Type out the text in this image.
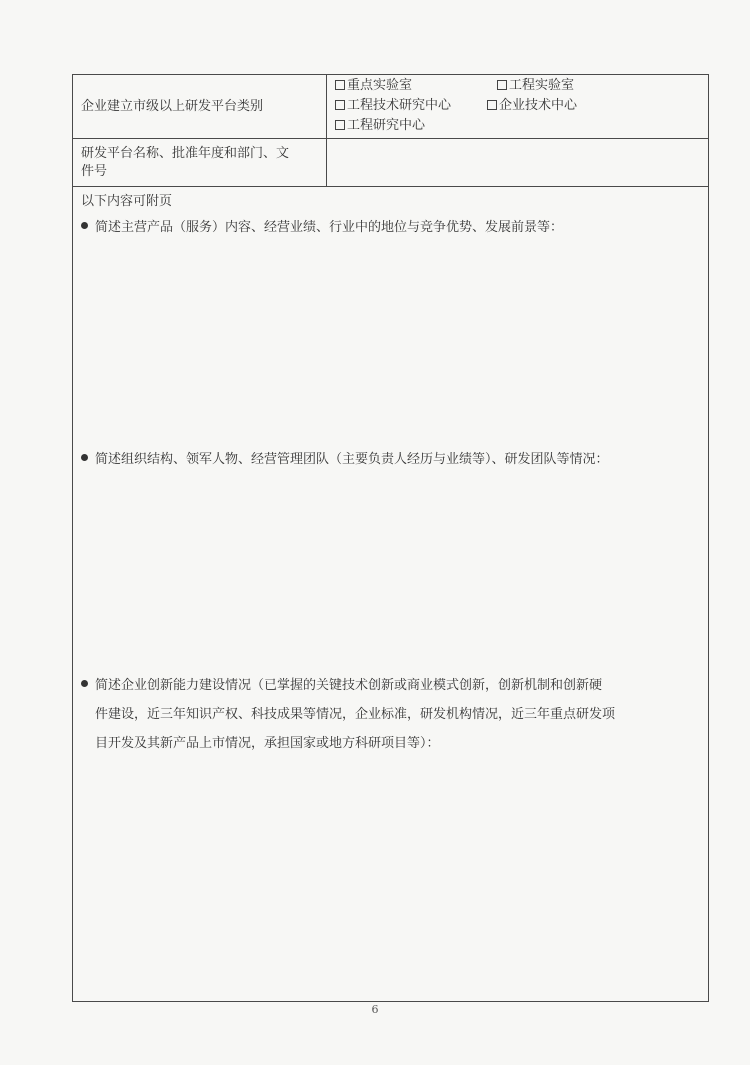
企业建立市级以上研发平台类别
重点实验室	工程实验室
工程技术研究中心	企业技术中心
工程研究中心
研发平台名称、批准年度和部门、文
件号
以下内容可附页
简述主营产品（服务）内容、经营业绩、行业中的地位与竞争优势、发展前景等：
简述组织结构、领军人物、经营管理团队（主要负责人经历与业绩等）、研发团队等情况：
简述企业创新能力建设情况（已掌握的关键技术创新或商业模式创新，创新机制和创新硬
件建设，近三年知识产权、科技成果等情况，企业标准，研发机构情况，近三年重点研发项
目开发及其新产品上市情况，承担国家或地方科研项目等）：
6
